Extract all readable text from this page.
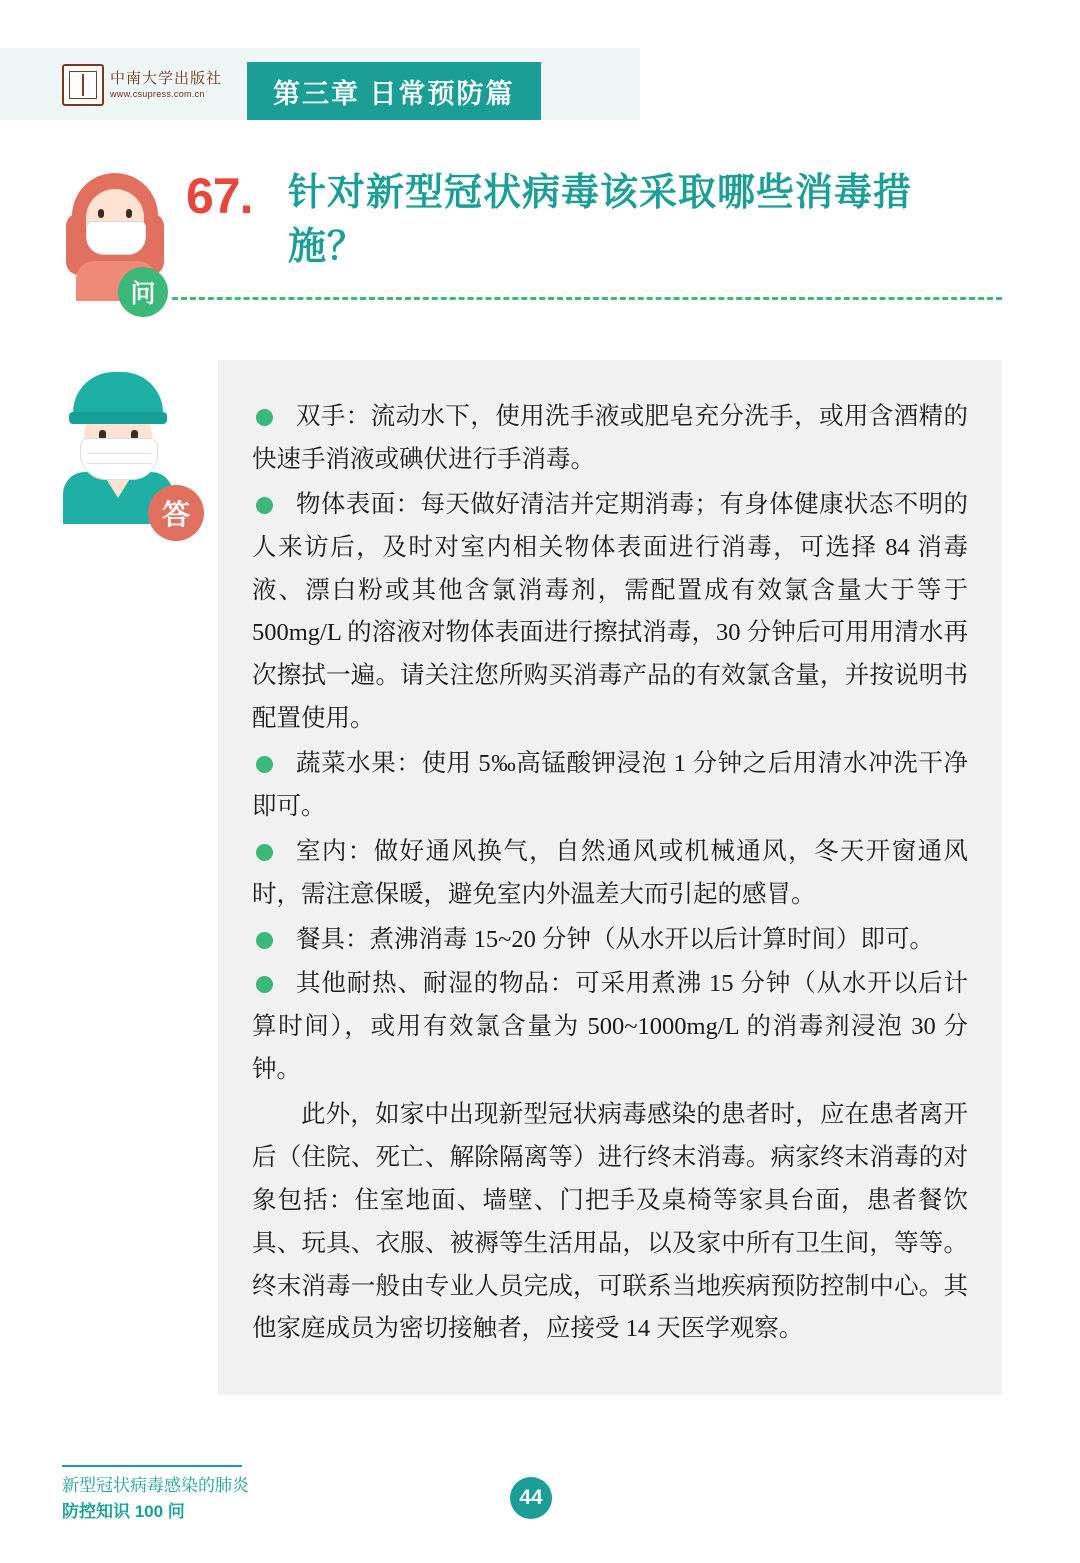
中南大学出版社
www.csupress.com.cn	第三章 日常预防篇
问
67. 针对新型冠状病毒该采取哪些消毒措施？
答
双手：流动水下，使用洗手液或肥皂充分洗手，或用含酒精的快速手消液或碘伏进行手消毒。
物体表面：每天做好清洁并定期消毒；有身体健康状态不明的人来访后，及时对室内相关物体表面进行消毒，可选择 84 消毒液、漂白粉或其他含氯消毒剂，需配置成有效氯含量大于等于 500mg/L 的溶液对物体表面进行擦拭消毒，30 分钟后可用用清水再次擦拭一遍。请关注您所购买消毒产品的有效氯含量，并按说明书配置使用。
蔬菜水果：使用 5‰高锰酸钾浸泡 1 分钟之后用清水冲洗干净即可。
室内：做好通风换气，自然通风或机械通风，冬天开窗通风时，需注意保暖，避免室内外温差大而引起的感冒。
餐具：煮沸消毒 15~20 分钟（从水开以后计算时间）即可。
其他耐热、耐湿的物品：可采用煮沸 15 分钟（从水开以后计算时间），或用有效氯含量为 500~1000mg/L 的消毒剂浸泡 30 分钟。

此外，如家中出现新型冠状病毒感染的患者时，应在患者离开后（住院、死亡、解除隔离等）进行终末消毒。病家终末消毒的对象包括：住室地面、墙壁、门把手及桌椅等家具台面，患者餐饮具、玩具、衣服、被褥等生活用品，以及家中所有卫生间，等等。终末消毒一般由专业人员完成，可联系当地疾病预防控制中心。其他家庭成员为密切接触者，应接受 14 天医学观察。

新型冠状病毒感染的肺炎
防控知识 100 问
44
